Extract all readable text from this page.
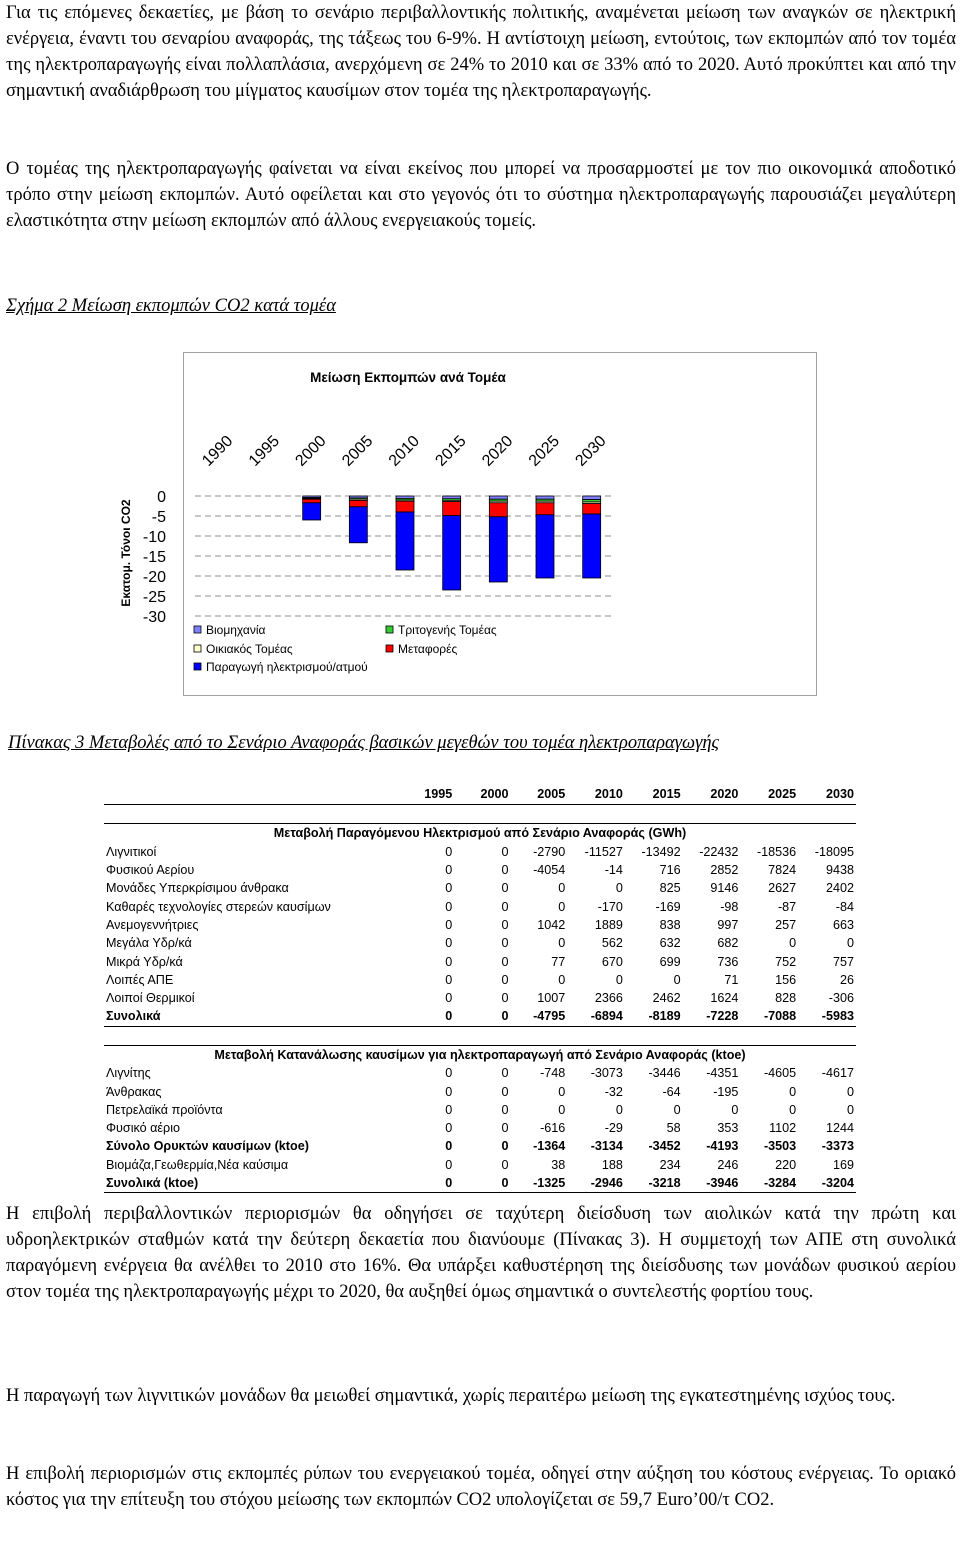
Για τις επόμενες δεκαετίες, με βάση το σενάριο περιβαλλοντικής πολιτικής, αναμένεται μείωση των αναγκών σε ηλεκτρική ενέργεια, έναντι του σεναρίου αναφοράς, της τάξεως του 6-9%. Η αντίστοιχη μείωση, εντούτοις, των εκπομπών από τον τομέα της ηλεκτροπαραγωγής είναι πολλαπλάσια, ανερχόμενη σε 24% το 2010 και σε 33% από το 2020. Αυτό προκύπτει και από την σημαντική αναδιάρθρωση του μίγματος καυσίμων στον τομέα της ηλεκτροπαραγωγής.

Ο τομέας της ηλεκτροπαραγωγής φαίνεται να είναι εκείνος που μπορεί να προσαρμοστεί με τον πιο οικονομικά αποδοτικό τρόπο στην μείωση εκπομπών. Αυτό οφείλεται και στο γεγονός ότι το σύστημα ηλεκτροπαραγωγής παρουσιάζει μεγαλύτερη ελαστικότητα στην μείωση εκπομπών από άλλους ενεργειακούς τομείς.

Σχήμα 2 Μείωση εκπομπών CO2 κατά τομέα

Μείωση Εκπομπών ανά Τομέα
Εκατομ. Τόνοι CO2
0
-5
-10
-15
-20
-25
-30
1990 1995 2000 2005 2010 2015 2020 2025 2030
Βιομηχανία	Τριτογενής Τομέας
Οικιακός Τομέας	Μεταφορές
Παραγωγή ηλεκτρισμού/ατμού

Πίνακας 3 Μεταβολές από το Σενάριο Αναφοράς βασικών μεγεθών του τομέα ηλεκτροπαραγωγής

	1995	2000	2005	2010	2015	2020	2025	2030

Μεταβολή Παραγόμενου Ηλεκτρισμού από Σενάριο Αναφοράς (GWh)								
Λιγνιτικοί	0	0	-2790	-11527	-13492	-22432	-18536	-18095
Φυσικού Αερίου	0	0	-4054	-14	716	2852	7824	9438
Μονάδες Υπερκρίσιμου άνθρακα	0	0	0	0	825	9146	2627	2402
Καθαρές τεχνολογίες στερεών καυσίμων	0	0	0	-170	-169	-98	-87	-84
Ανεμογεννήτριες	0	0	1042	1889	838	997	257	663
Μεγάλα Υδρ/κά	0	0	0	562	632	682	0	0
Μικρά Υδρ/κά	0	0	77	670	699	736	752	757
Λοιπές ΑΠΕ	0	0	0	0	0	71	156	26
Λοιποί Θερμικοί	0	0	1007	2366	2462	1624	828	-306
Συνολικά	0	0	-4795	-6894	-8189	-7228	-7088	-5983

Μεταβολή Κατανάλωσης καυσίμων για ηλεκτροπαραγωγή από Σενάριο Αναφοράς (ktoe)								
Λιγνίτης	0	0	-748	-3073	-3446	-4351	-4605	-4617
Άνθρακας	0	0	0	-32	-64	-195	0	0
Πετρελαϊκά προϊόντα	0	0	0	0	0	0	0	0
Φυσικό αέριο	0	0	-616	-29	58	353	1102	1244
Σύνολο Ορυκτών καυσίμων (ktoe)	0	0	-1364	-3134	-3452	-4193	-3503	-3373
Βιομάζα,Γεωθερμία,Νέα καύσιμα	0	0	38	188	234	246	220	169
Συνολικά (ktoe)	0	0	-1325	-2946	-3218	-3946	-3284	-3204

Η επιβολή περιβαλλοντικών περιορισμών θα οδηγήσει σε ταχύτερη διείσδυση των αιολικών κατά την πρώτη και υδροηλεκτρικών σταθμών κατά την δεύτερη δεκαετία που διανύουμε (Πίνακας 3). Η συμμετοχή των ΑΠΕ στη συνολικά παραγόμενη ενέργεια θα ανέλθει το 2010 στο 16%. Θα υπάρξει καθυστέρηση της διείσδυσης των μονάδων φυσικού αερίου στον τομέα της ηλεκτροπαραγωγής μέχρι το 2020, θα αυξηθεί όμως σημαντικά ο συντελεστής φορτίου τους.

Η παραγωγή των λιγνιτικών μονάδων θα μειωθεί σημαντικά, χωρίς περαιτέρω μείωση της εγκατεστημένης ισχύος τους.

Η επιβολή περιορισμών στις εκπομπές ρύπων του ενεργειακού τομέα, οδηγεί στην αύξηση του κόστους ενέργειας. Το οριακό κόστος για την επίτευξη του στόχου μείωσης των εκπομπών CO2 υπολογίζεται σε 59,7 Euro’00/τ CO2.
